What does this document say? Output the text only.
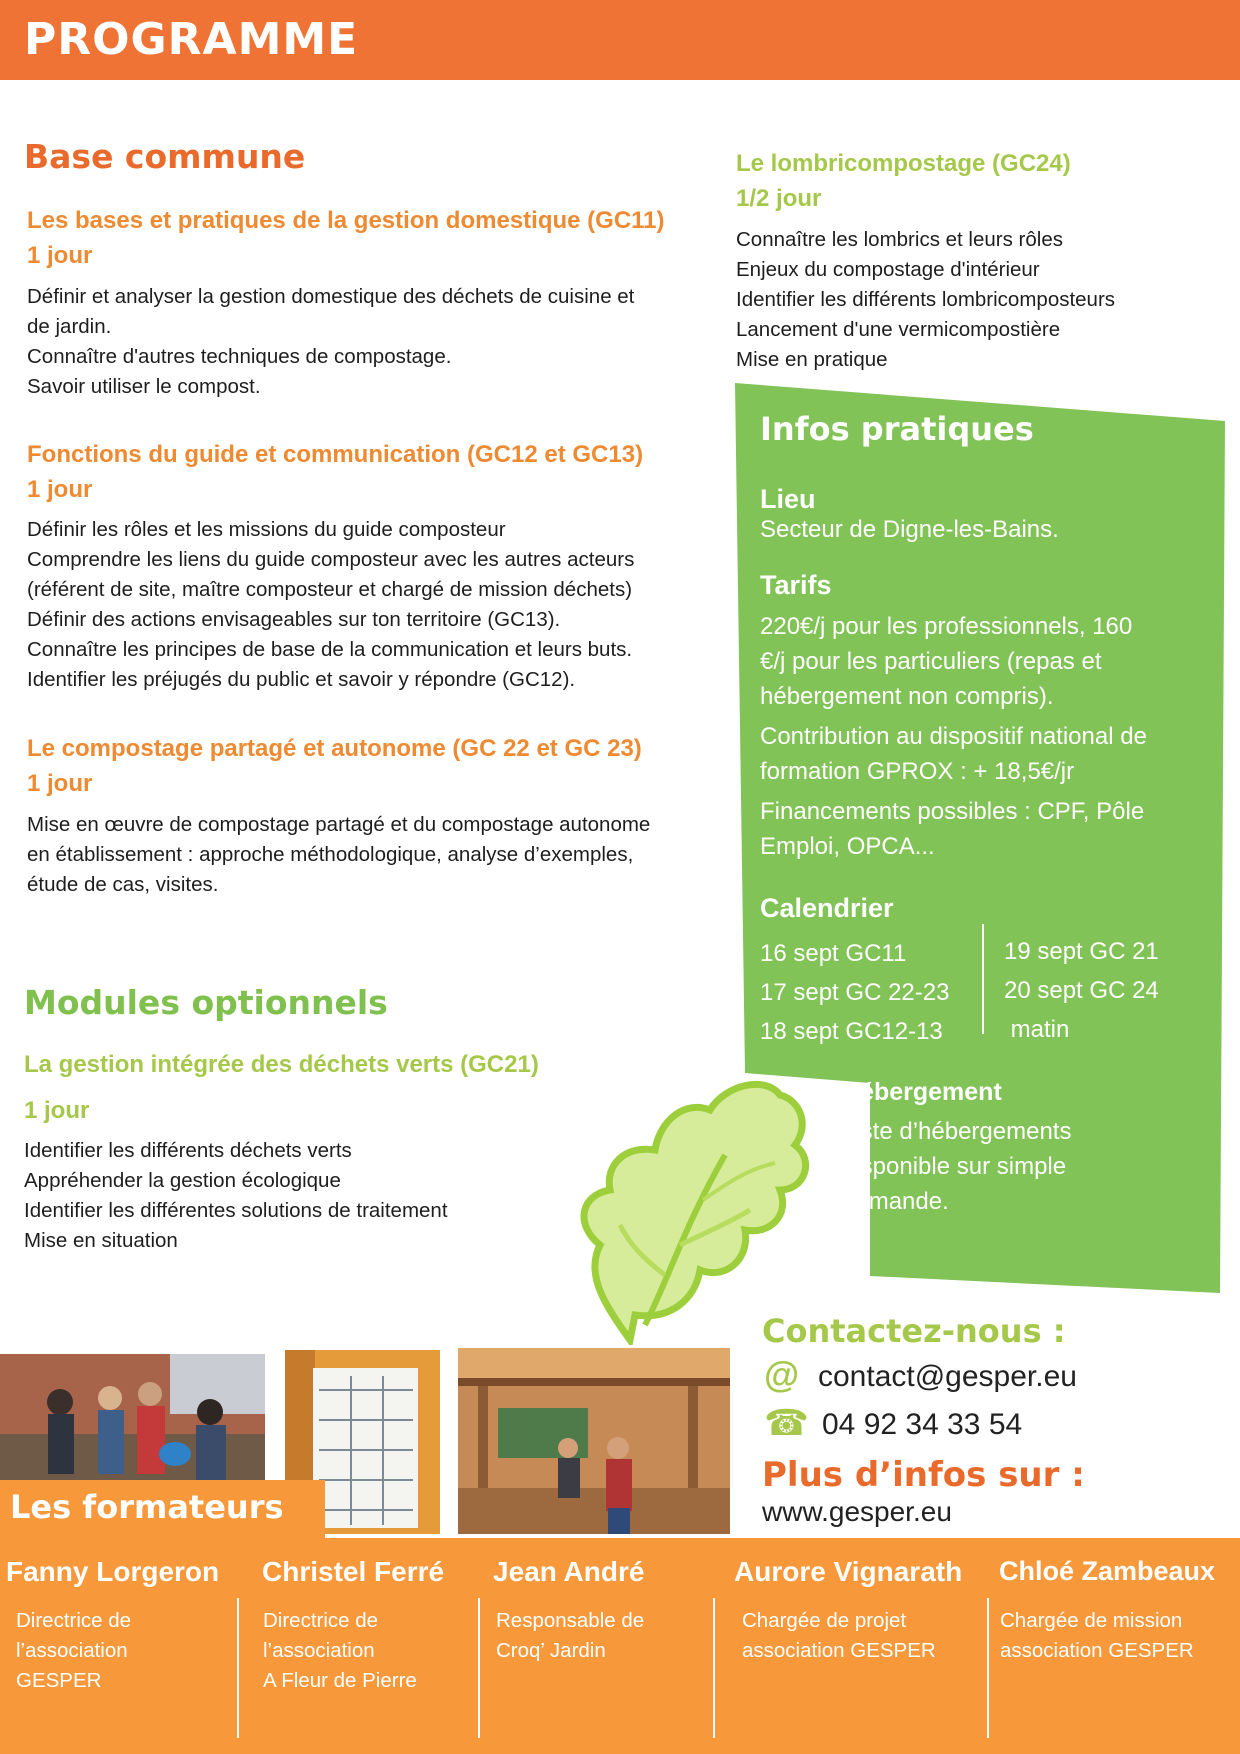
PROGRAMME
Base commune
Les bases et pratiques de la gestion domestique (GC11)
1 jour
Définir et analyser la gestion domestique des déchets de cuisine et
de jardin.
Connaître d'autres techniques de compostage.
Savoir utiliser le compost.
Fonctions du guide et communication (GC12 et GC13)
1 jour
Définir les rôles et les missions du guide composteur
Comprendre les liens du guide composteur avec les autres acteurs
(référent de site, maître composteur et chargé de mission déchets)
Définir des actions envisageables sur ton territoire (GC13).
Connaître les principes de base de la communication et leurs buts.
Identifier les préjugés du public et savoir y répondre (GC12).
Le compostage partagé et autonome (GC 22 et GC 23)
1 jour
Mise en œuvre de compostage partagé et du compostage autonome
en établissement : approche méthodologique, analyse d’exemples,
étude de cas, visites.
Modules optionnels
La gestion intégrée des déchets verts (GC21)
1 jour
Identifier les différents déchets verts
Appréhender la gestion écologique
Identifier les différentes solutions de traitement
Mise en situation
Le lombricompostage (GC24)
1/2 jour
Connaître les lombrics et leurs rôles
Enjeux du compostage d'intérieur
Identifier les différents lombricomposteurs
Lancement d'une vermicompostière
Mise en pratique
Infos pratiques
Lieu
Secteur de Digne-les-Bains.
Tarifs
220€/j pour les professionnels, 160
€/j pour les particuliers (repas et
hébergement non compris).
Contribution au dispositif national de
formation GPROX : + 18,5€/jr
Financements possibles : CPF, Pôle
Emploi, OPCA...
Calendrier
16 sept GC11
17 sept GC 22-23
18 sept GC12-13
19 sept GC 21
20 sept GC 24
matin
Hébergement
Liste d’hébergements
disponible sur simple
demande.
Contactez-nous :
@ contact@gesper.eu
☎ 04 92 34 33 54
Plus d’infos sur :
www.gesper.eu
Les formateurs
Fanny Lorgeron
Directrice de
l’association
GESPER
Christel Ferré
Directrice de
l’association
A Fleur de Pierre
Jean André
Responsable de
Croq’ Jardin
Aurore Vignarath
Chargée de projet
association GESPER
Chloé Zambeaux
Chargée de mission
association GESPER
